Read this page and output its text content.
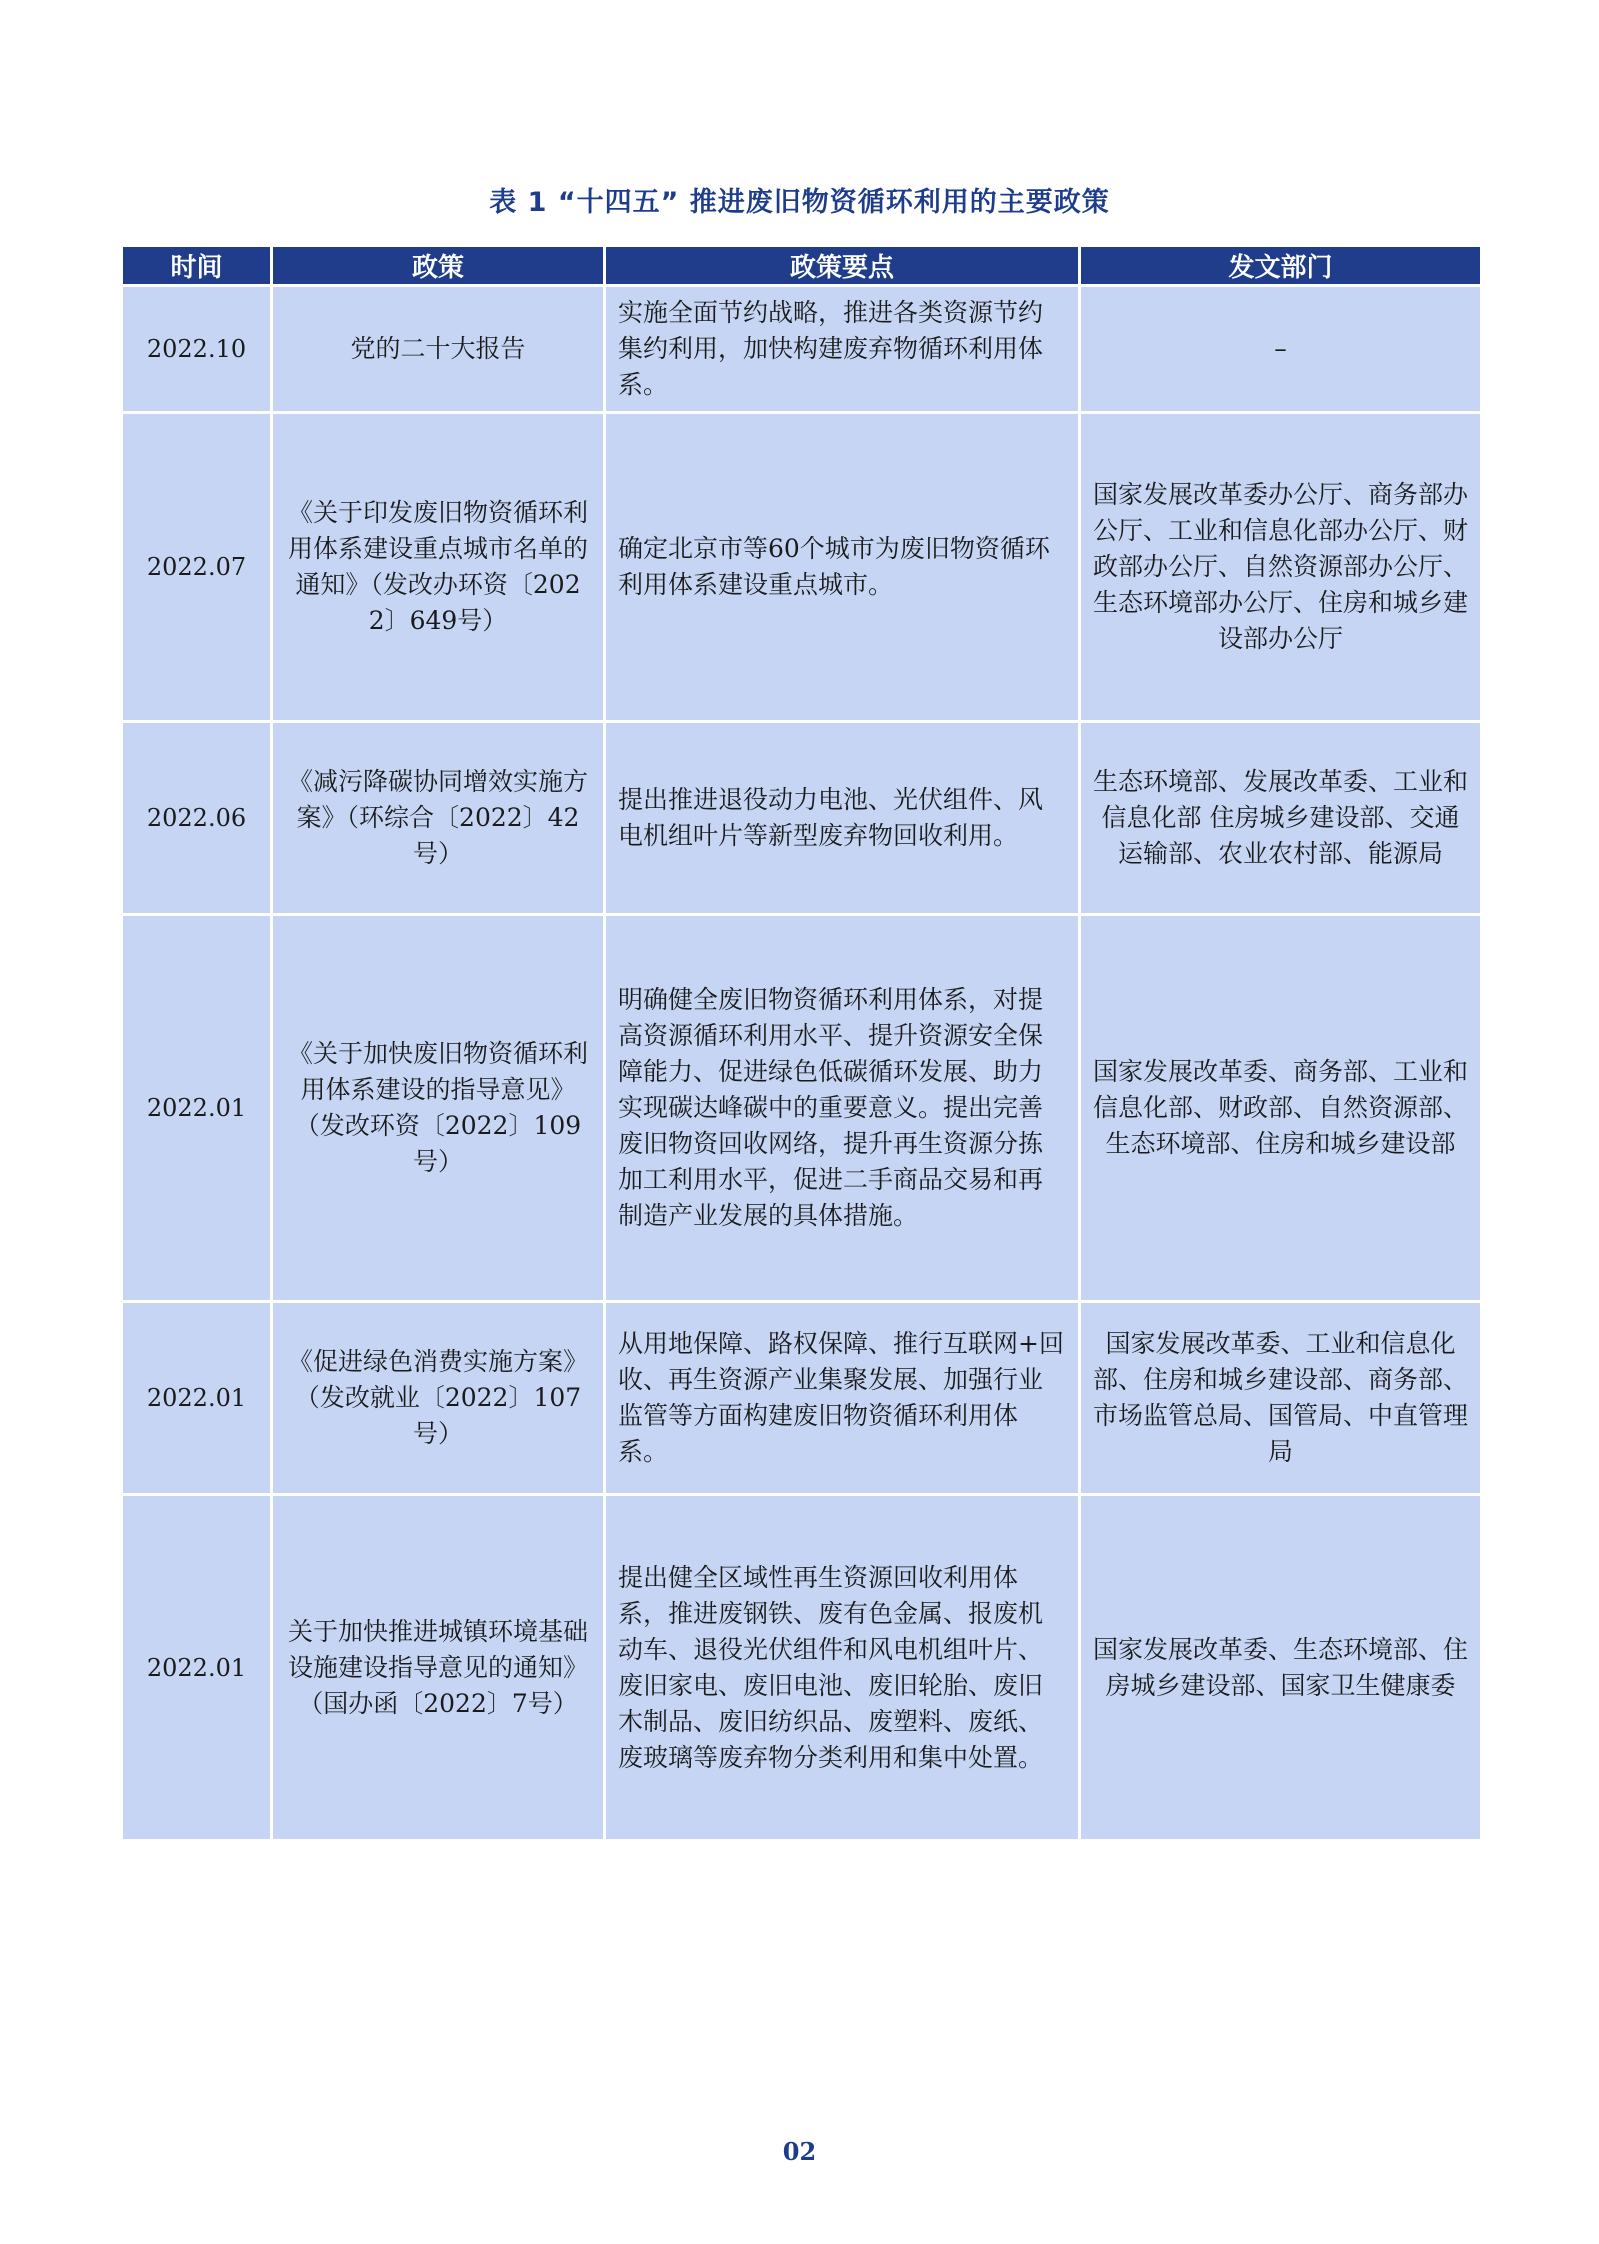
表 1 “十四五” 推进废旧物资循环利用的主要政策
时间	政策	政策要点	发文部门
2022.10	党的二十大报告	实施全面节约战略，推进各类资源节约集约利用，加快构建废弃物循环利用体系。	–
2022.07	《关于印发废旧物资循环利用体系建设重点城市名单的通知》（发改办环资〔2022〕649号）	确定北京市等60个城市为废旧物资循环利用体系建设重点城市。	国家发展改革委办公厅、商务部办公厅、工业和信息化部办公厅、财政部办公厅、自然资源部办公厅、生态环境部办公厅、住房和城乡建设部办公厅
2022.06	《减污降碳协同增效实施方案》（环综合〔2022〕42号）	提出推进退役动力电池、光伏组件、风电机组叶片等新型废弃物回收利用。	生态环境部、发展改革委、工业和信息化部 住房城乡建设部、交通运输部、农业农村部、能源局
2022.01	《关于加快废旧物资循环利用体系建设的指导意见》（发改环资〔2022〕109号）	明确健全废旧物资循环利用体系，对提高资源循环利用水平、提升资源安全保障能力、促进绿色低碳循环发展、助力实现碳达峰碳中的重要意义。提出完善废旧物资回收网络，提升再生资源分拣加工利用水平，促进二手商品交易和再制造产业发展的具体措施。	国家发展改革委、商务部、工业和信息化部、财政部、自然资源部、生态环境部、住房和城乡建设部
2022.01	《促进绿色消费实施方案》（发改就业〔2022〕107号）	从用地保障、路权保障、推行互联网+回收、再生资源产业集聚发展、加强行业监管等方面构建废旧物资循环利用体系。	国家发展改革委、工业和信息化部、住房和城乡建设部、商务部、市场监管总局、国管局、中直管理局
2022.01	关于加快推进城镇环境基础设施建设指导意见的通知》（国办函〔2022〕7号）	提出健全区域性再生资源回收利用体系，推进废钢铁、废有色金属、报废机动车、退役光伏组件和风电机组叶片、废旧家电、废旧电池、废旧轮胎、废旧木制品、废旧纺织品、废塑料、废纸、废玻璃等废弃物分类利用和集中处置。	国家发展改革委、生态环境部、住房城乡建设部、国家卫生健康委
02
